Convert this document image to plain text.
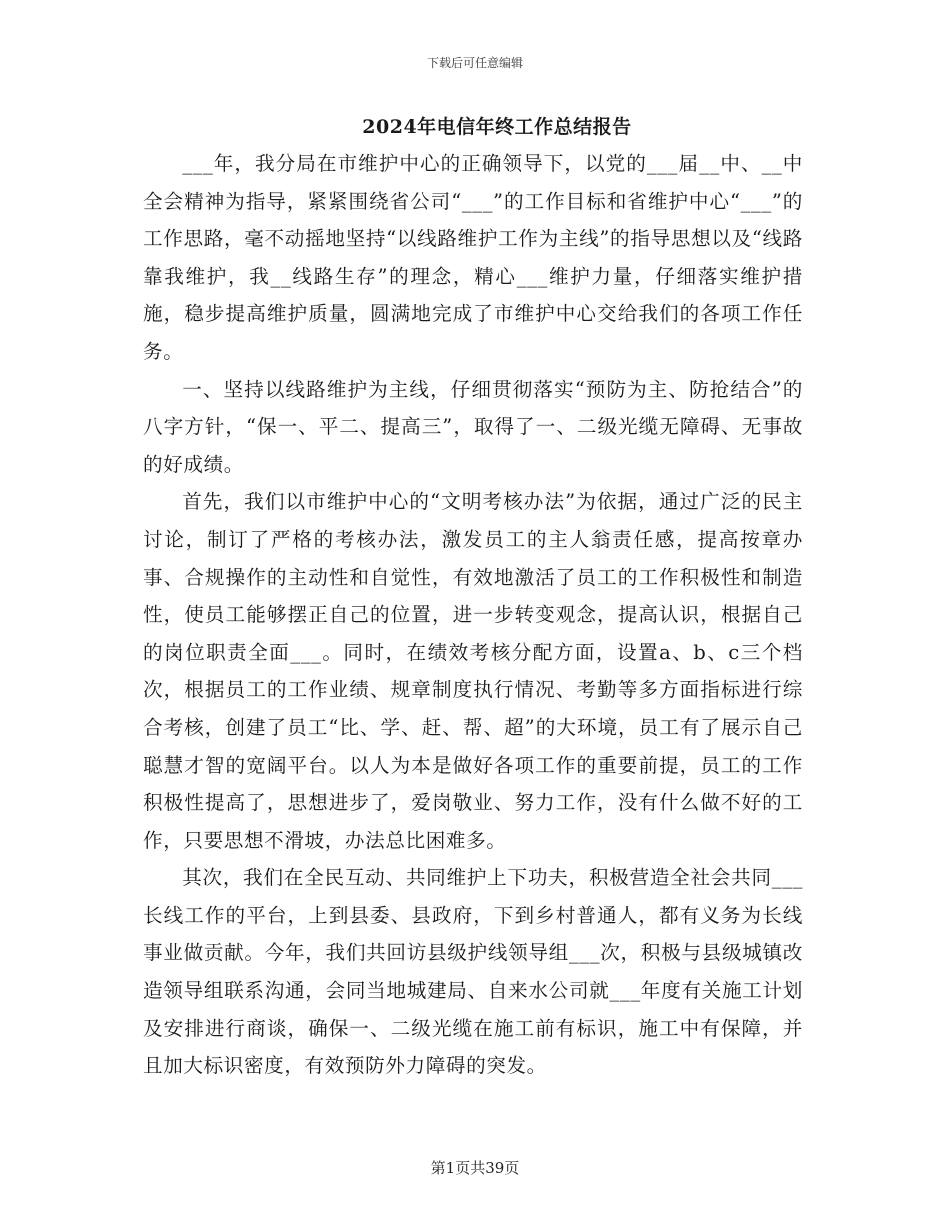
下载后可任意编辑
2024年电信年终工作总结报告

___年，我分局在市维护中心的正确领导下，以党的___届__中、__中全会精神为指导，紧紧围绕省公司“___”的工作目标和省维护中心“___”的工作思路，毫不动摇地坚持“以线路维护工作为主线”的指导思想以及“线路靠我维护，我__线路生存”的理念，精心___维护力量，仔细落实维护措施，稳步提高维护质量，圆满地完成了市维护中心交给我们的各项工作任务。

一、坚持以线路维护为主线，仔细贯彻落实“预防为主、防抢结合”的八字方针，“保一、平二、提高三”，取得了一、二级光缆无障碍、无事故的好成绩。

首先，我们以市维护中心的“文明考核办法”为依据，通过广泛的民主讨论，制订了严格的考核办法，激发员工的主人翁责任感，提高按章办事、合规操作的主动性和自觉性，有效地激活了员工的工作积极性和制造性，使员工能够摆正自己的位置，进一步转变观念，提高认识，根据自己的岗位职责全面___。同时，在绩效考核分配方面，设置a、b、c三个档次，根据员工的工作业绩、规章制度执行情况、考勤等多方面指标进行综合考核，创建了员工“比、学、赶、帮、超”的大环境，员工有了展示自己聪慧才智的宽阔平台。以人为本是做好各项工作的重要前提，员工的工作积极性提高了，思想进步了，爱岗敬业、努力工作，没有什么做不好的工作，只要思想不滑坡，办法总比困难多。

其次，我们在全民互动、共同维护上下功夫，积极营造全社会共同___长线工作的平台，上到县委、县政府，下到乡村普通人，都有义务为长线事业做贡献。今年，我们共回访县级护线领导组___次，积极与县级城镇改造领导组联系沟通，会同当地城建局、自来水公司就___年度有关施工计划及安排进行商谈，确保一、二级光缆在施工前有标识，施工中有保障，并且加大标识密度，有效预防外力障碍的突发。

第1页共39页
